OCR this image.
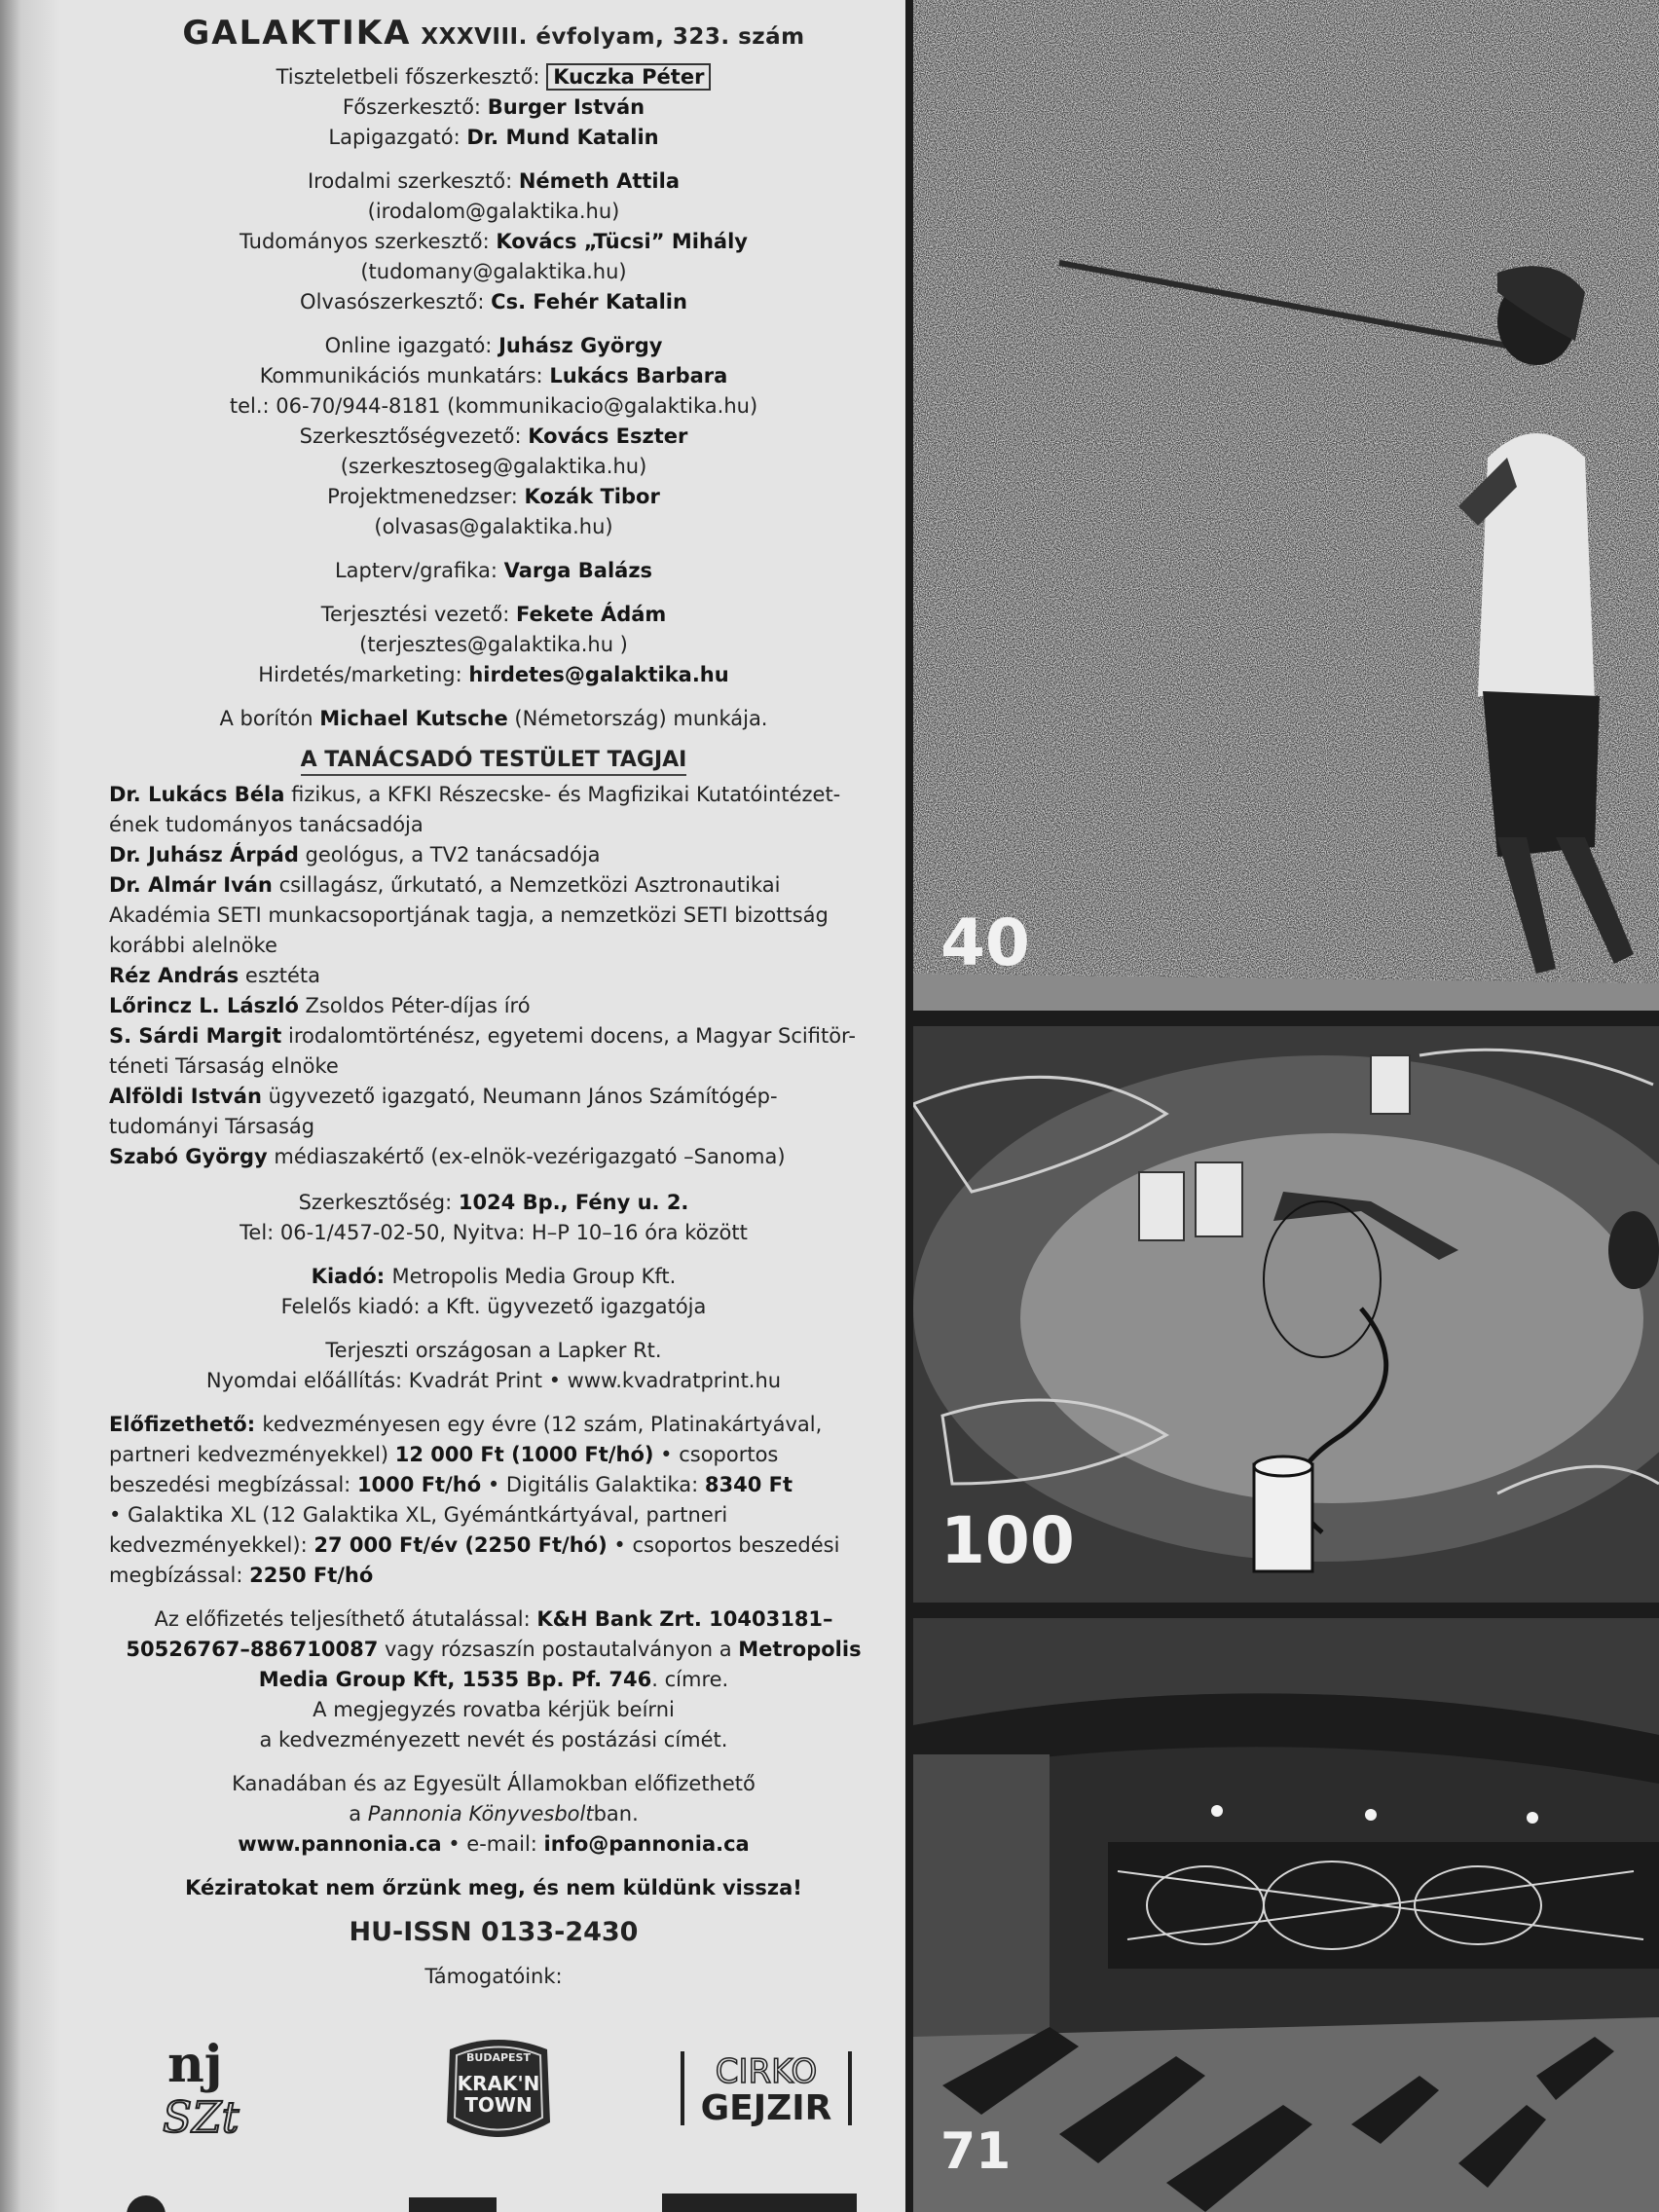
GALAKTIKA XXXVIII. évfolyam, 323. szám
Tiszteletbeli főszerkesztő: Kuczka Péter
Főszerkesztő: Burger István
Lapigazgató: Dr. Mund Katalin
Irodalmi szerkesztő: Németh Attila
(irodalom@galaktika.hu)
Tudományos szerkesztő: Kovács „Tücsi” Mihály
(tudomany@galaktika.hu)
Olvasószerkesztő: Cs. Fehér Katalin
Online igazgató: Juhász György
Kommunikációs munkatárs: Lukács Barbara
tel.: 06-70/944-8181 (kommunikacio@galaktika.hu)
Szerkesztőségvezető: Kovács Eszter
(szerkesztoseg@galaktika.hu)
Projektmenedzser: Kozák Tibor
(olvasas@galaktika.hu)
Lapterv/grafika: Varga Balázs
Terjesztési vezető: Fekete Ádám
(terjesztes@galaktika.hu )
Hirdetés/marketing: hirdetes@galaktika.hu
A borítón Michael Kutsche (Németország) munkája.
A TANÁCSADÓ TESTÜLET TAGJAI
Dr. Lukács Béla fizikus, a KFKI Részecske- és Magfizikai Kutatóintézet-
ének tudományos tanácsadója
Dr. Juhász Árpád geológus, a TV2 tanácsadója
Dr. Almár Iván csillagász, űrkutató, a Nemzetközi Asztronautikai
Akadémia SETI munkacsoportjának tagja, a nemzetközi SETI bizottság
korábbi alelnöke
Réz András esztéta
Lőrincz L. László Zsoldos Péter-díjas író
S. Sárdi Margit irodalomtörténész, egyetemi docens, a Magyar Scifitör-
téneti Társaság elnöke
Alföldi István ügyvezető igazgató, Neumann János Számítógép-
tudományi Társaság
Szabó György médiaszakértő (ex-elnök-vezérigazgató –Sanoma)
Szerkesztőség: 1024 Bp., Fény u. 2.
Tel: 06-1/457-02-50, Nyitva: H–P 10–16 óra között
Kiadó: Metropolis Media Group Kft.
Felelős kiadó: a Kft. ügyvezető igazgatója
Terjeszti országosan a Lapker Rt.
Nyomdai előállítás: Kvadrát Print • www.kvadratprint.hu
Előfizethető: kedvezményesen egy évre (12 szám, Platinakártyával,
partneri kedvezményekkel) 12 000 Ft (1000 Ft/hó) • csoportos
beszedési megbízással: 1000 Ft/hó • Digitális Galaktika: 8340 Ft
• Galaktika XL (12 Galaktika XL, Gyémántkártyával, partneri
kedvezményekkel): 27 000 Ft/év (2250 Ft/hó) • csoportos beszedési
megbízással: 2250 Ft/hó
Az előfizetés teljesíthető átutalással: K&H Bank Zrt. 10403181–
50526767–886710087 vagy rózsaszín postautalványon a Metropolis
Media Group Kft, 1535 Bp. Pf. 746. címre.
A megjegyzés rovatba kérjük beírni
a kedvezményezett nevét és postázási címét.
Kanadában és az Egyesült Államokban előfizethető
a Pannonia Könyvesboltban.
www.pannonia.ca • e-mail: info@pannonia.ca
Kéziratokat nem őrzünk meg, és nem küldünk vissza!
HU-ISSN 0133-2430
Támogatóink:
nj
SZt
BUDAPEST
KRAK'N
TOWN
CIRKO
GEJZIR
40
100
71
